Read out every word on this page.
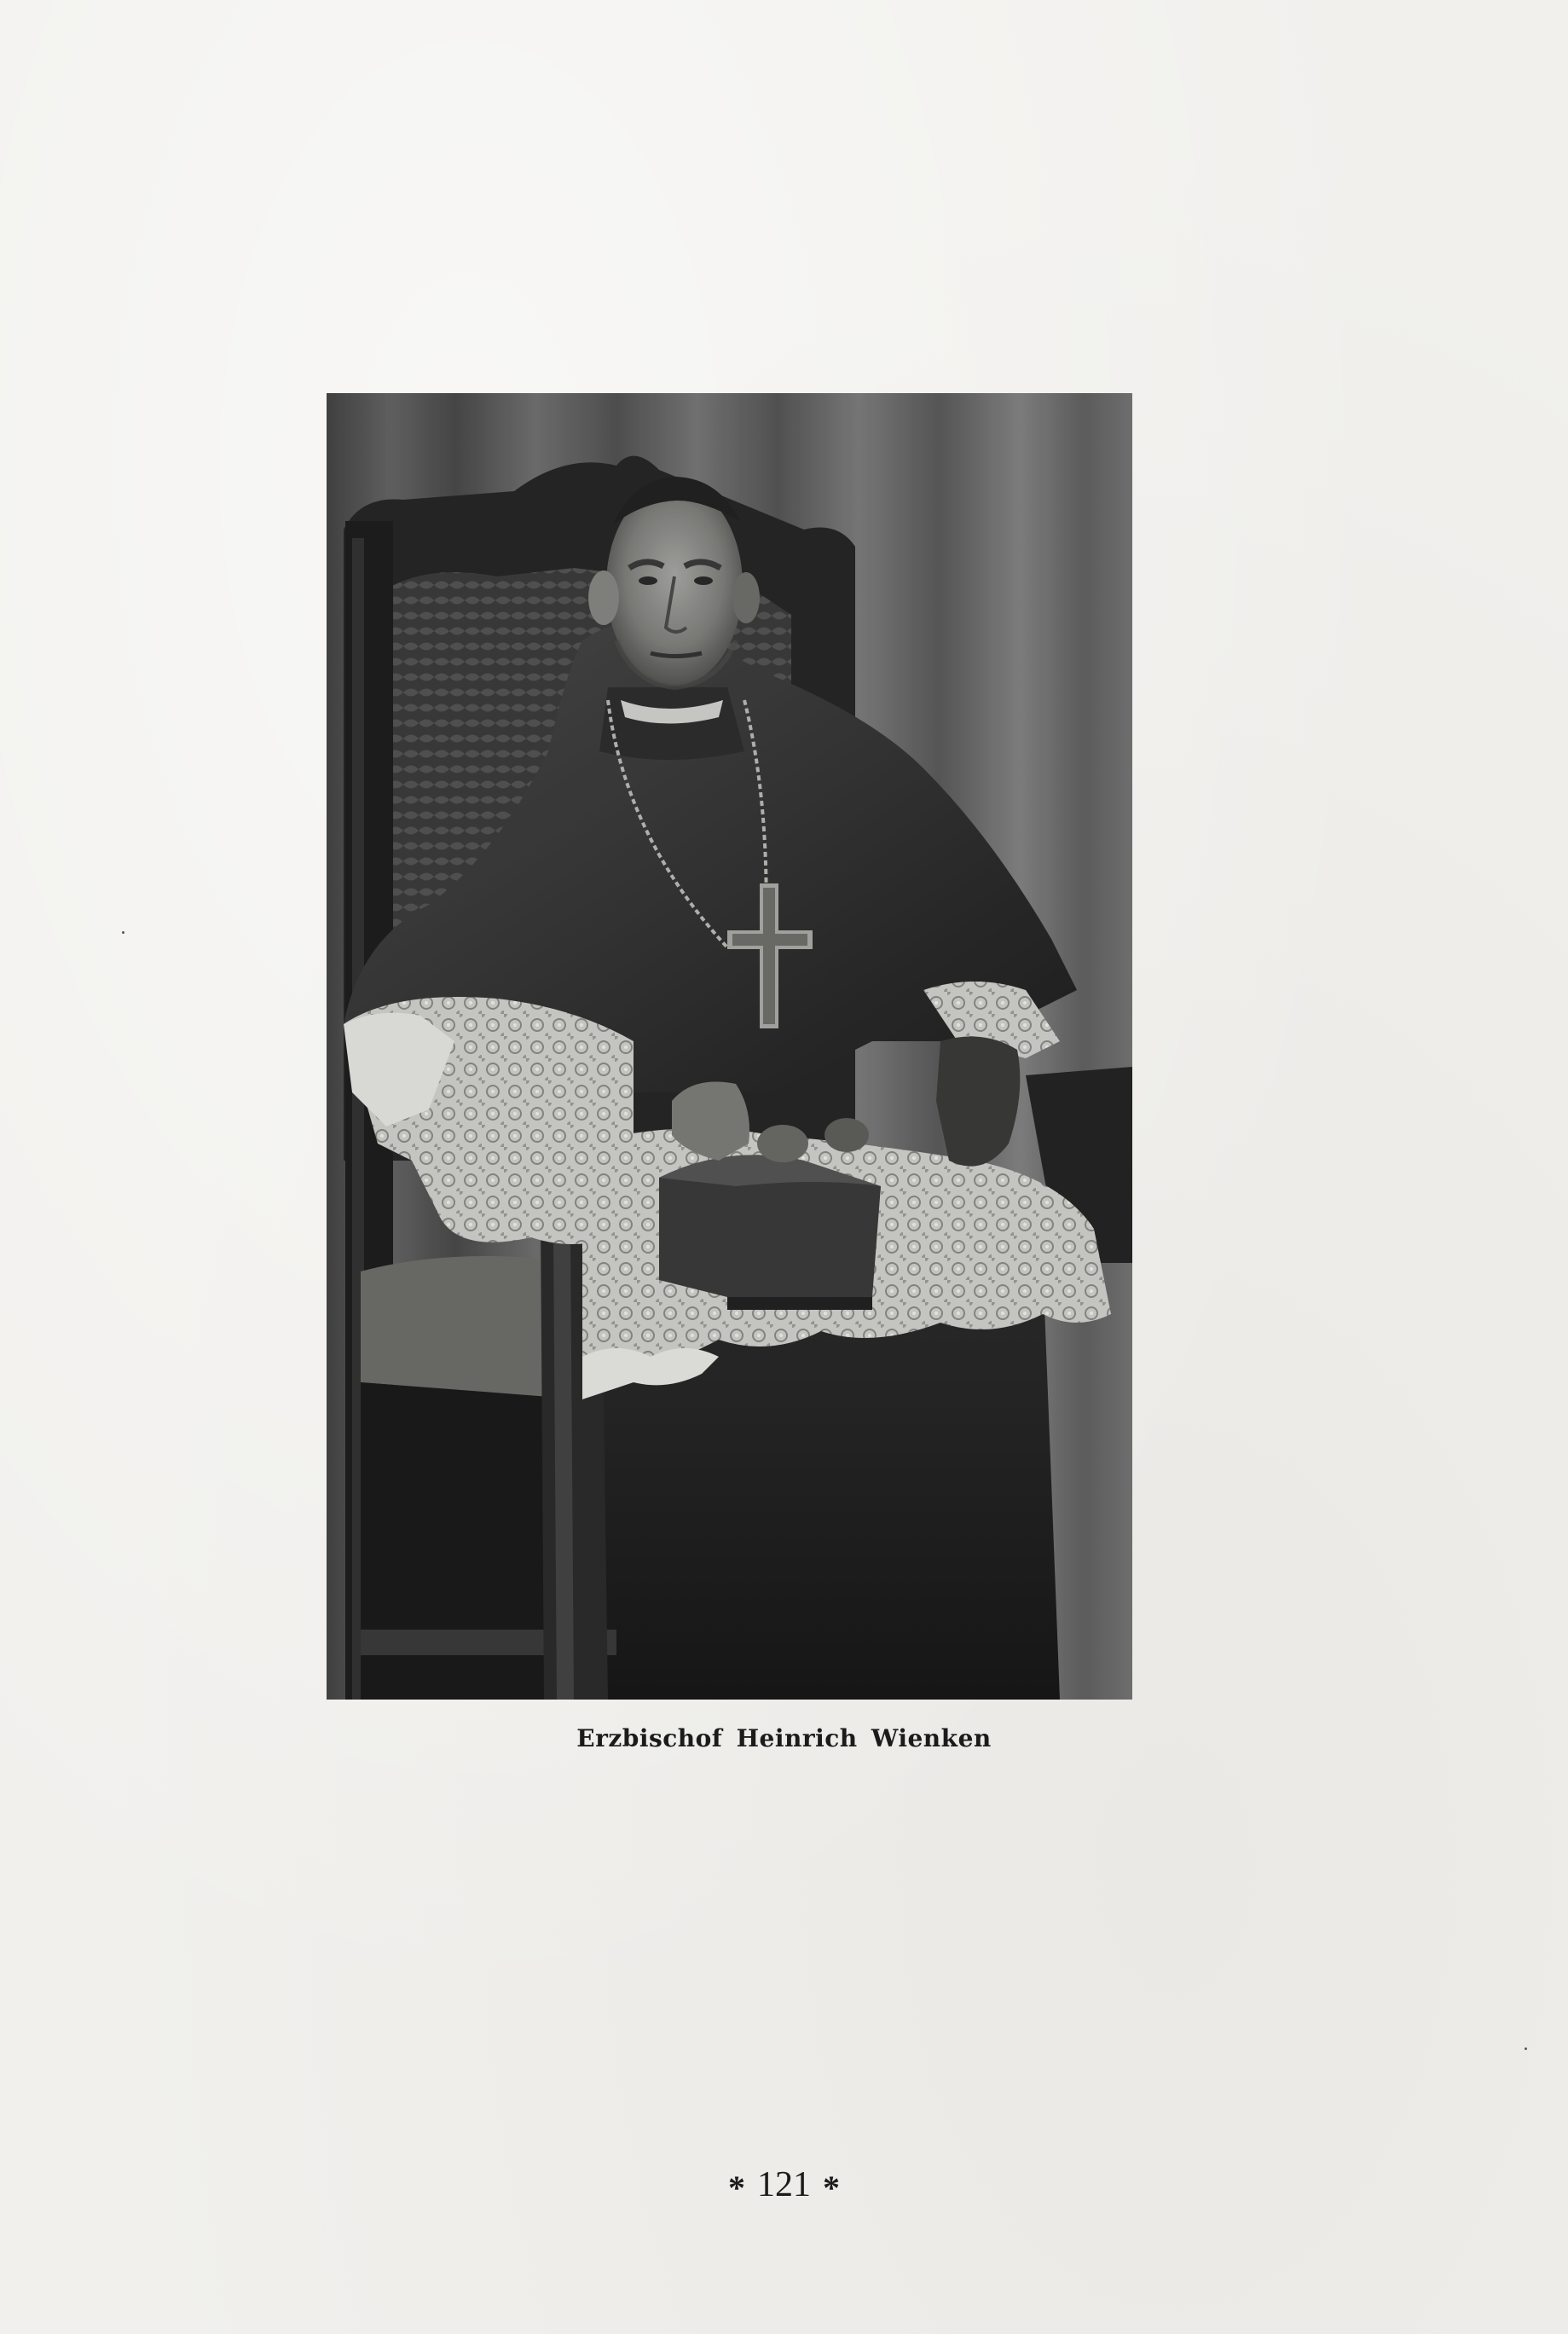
Erzbischof Heinrich Wienken
* 121 *
